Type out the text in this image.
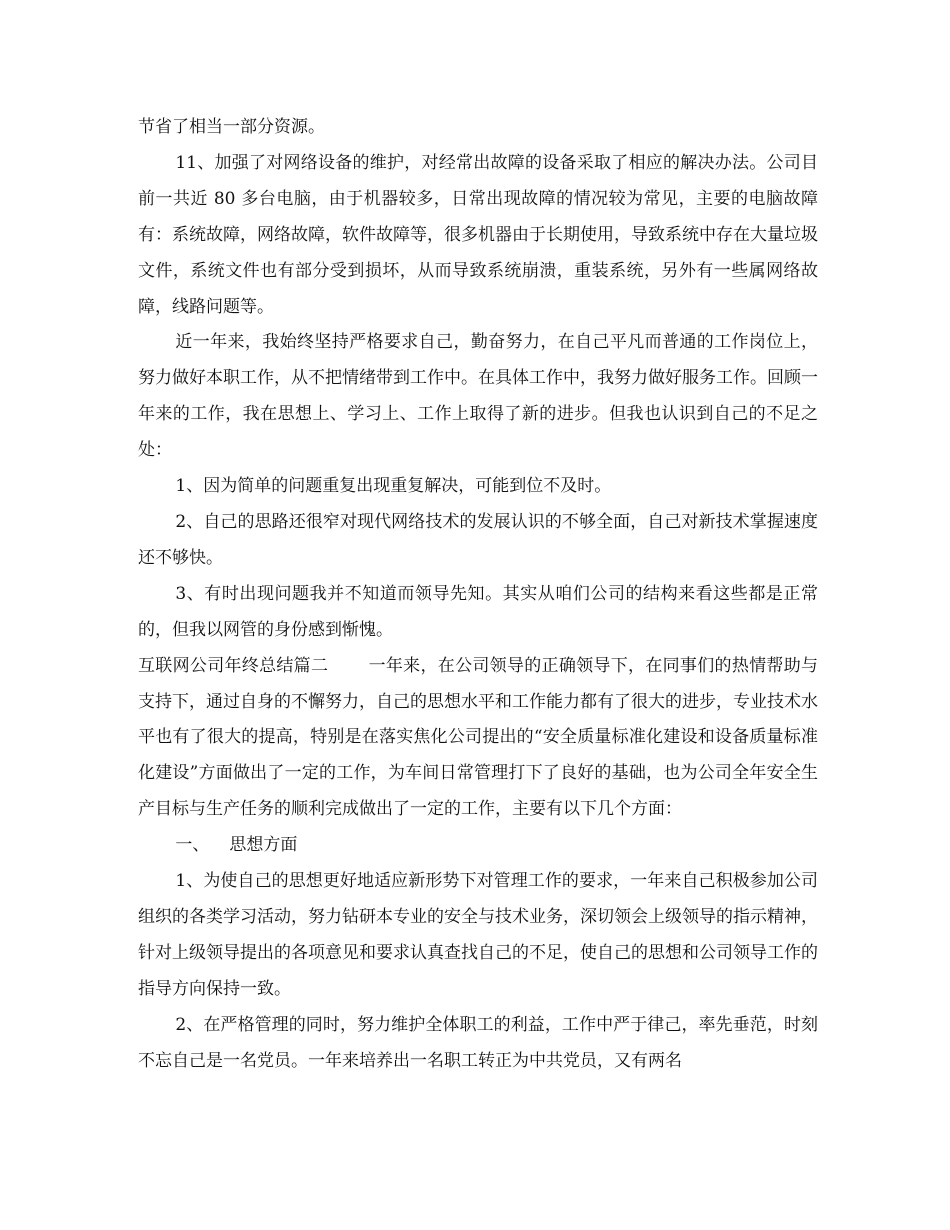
节省了相当一部分资源。

11、加强了对网络设备的维护，对经常出故障的设备采取了相应的解决办法。公司目前一共近 80 多台电脑，由于机器较多，日常出现故障的情况较为常见，主要的电脑故障有：系统故障，网络故障，软件故障等，很多机器由于长期使用，导致系统中存在大量垃圾文件，系统文件也有部分受到损坏，从而导致系统崩溃，重装系统，另外有一些属网络故障，线路问题等。

近一年来，我始终坚持严格要求自己，勤奋努力，在自己平凡而普通的工作岗位上，努力做好本职工作，从不把情绪带到工作中。在具体工作中，我努力做好服务工作。回顾一年来的工作，我在思想上、学习上、工作上取得了新的进步。但我也认识到自己的不足之处：

1、因为简单的问题重复出现重复解决，可能到位不及时。

2、自己的思路还很窄对现代网络技术的发展认识的不够全面，自己对新技术掌握速度还不够快。

3、有时出现问题我并不知道而领导先知。其实从咱们公司的结构来看这些都是正常的，但我以网管的身份感到惭愧。

互联网公司年终总结篇二 一年来，在公司领导的正确领导下，在同事们的热情帮助与支持下，通过自身的不懈努力，自己的思想水平和工作能力都有了很大的进步，专业技术水平也有了很大的提高，特别是在落实焦化公司提出的“安全质量标准化建设和设备质量标准化建设”方面做出了一定的工作，为车间日常管理打下了良好的基础，也为公司全年安全生产目标与生产任务的顺利完成做出了一定的工作，主要有以下几个方面：

一、 思想方面

1、为使自己的思想更好地适应新形势下对管理工作的要求，一年来自己积极参加公司组织的各类学习活动，努力钻研本专业的安全与技术业务，深切领会上级领导的指示精神，针对上级领导提出的各项意见和要求认真查找自己的不足，使自己的思想和公司领导工作的指导方向保持一致。

2、在严格管理的同时，努力维护全体职工的利益，工作中严于律己，率先垂范，时刻不忘自己是一名党员。一年来培养出一名职工转正为中共党员，又有两名
